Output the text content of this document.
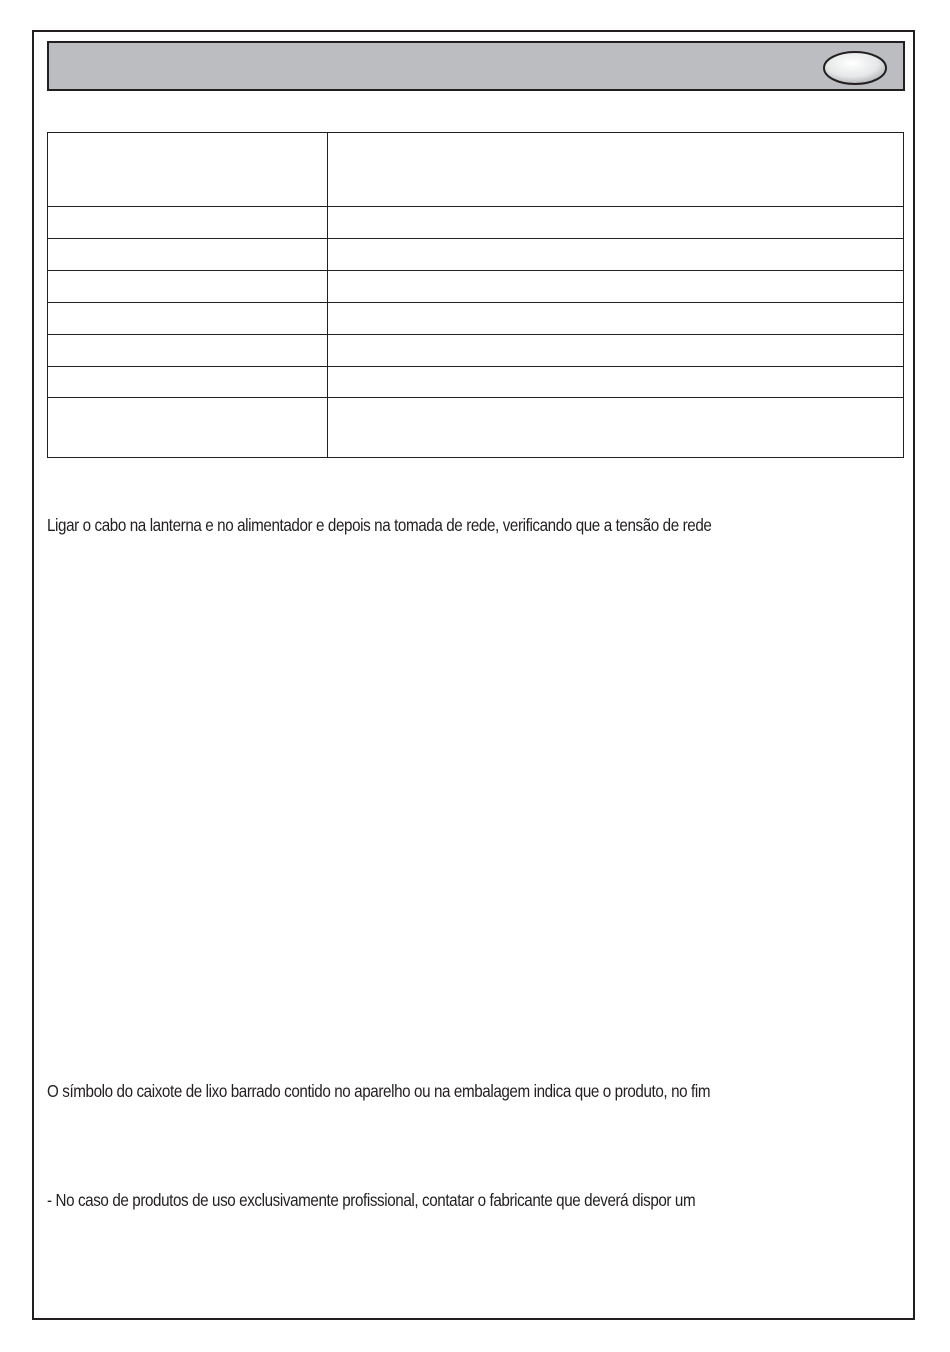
Ligar o cabo na lanterna e no alimentador e depois na tomada de rede, verificando que a tensão de rede

O símbolo do caixote de lixo barrado contido no aparelho ou na embalagem indica que o produto, no fim

- No caso de produtos de uso exclusivamente profissional, contatar o fabricante que deverá dispor um
